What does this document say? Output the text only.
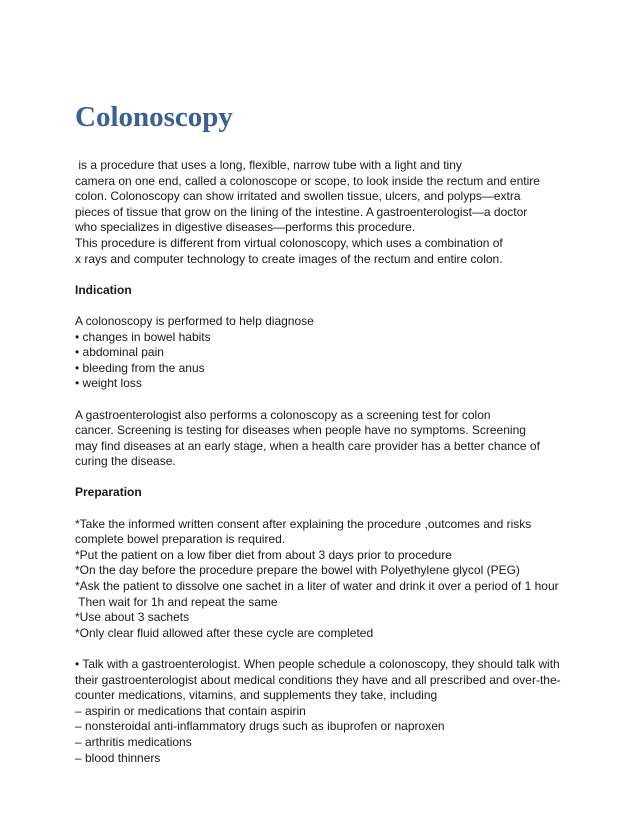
Colonoscopy
is a procedure that uses a long, flexible, narrow tube with a light and tiny
camera on one end, called a colonoscope or scope, to look inside the rectum and entire
colon. Colonoscopy can show irritated and swollen tissue, ulcers, and polyps—extra
pieces of tissue that grow on the lining of the intestine. A gastroenterologist—a doctor
who specializes in digestive diseases—performs this procedure.
This procedure is different from virtual colonoscopy, which uses a combination of
x rays and computer technology to create images of the rectum and entire colon.
Indication
A colonoscopy is performed to help diagnose
• changes in bowel habits
• abdominal pain
• bleeding from the anus
• weight loss
A gastroenterologist also performs a colonoscopy as a screening test for colon
cancer. Screening is testing for diseases when people have no symptoms. Screening
may find diseases at an early stage, when a health care provider has a better chance of
curing the disease.
Preparation
*Take the informed written consent after explaining the procedure ,outcomes and risks
complete bowel preparation is required.
*Put the patient on a low fiber diet from about 3 days prior to procedure
*On the day before the procedure prepare the bowel with Polyethylene glycol (PEG)
*Ask the patient to dissolve one sachet in a liter of water and drink it over a period of 1 hour
Then wait for 1h and repeat the same
*Use about 3 sachets
*Only clear fluid allowed after these cycle are completed
• Talk with a gastroenterologist. When people schedule a colonoscopy, they should talk with
their gastroenterologist about medical conditions they have and all prescribed and over-the-
counter medications, vitamins, and supplements they take, including
– aspirin or medications that contain aspirin
– nonsteroidal anti-inflammatory drugs such as ibuprofen or naproxen
– arthritis medications
– blood thinners
